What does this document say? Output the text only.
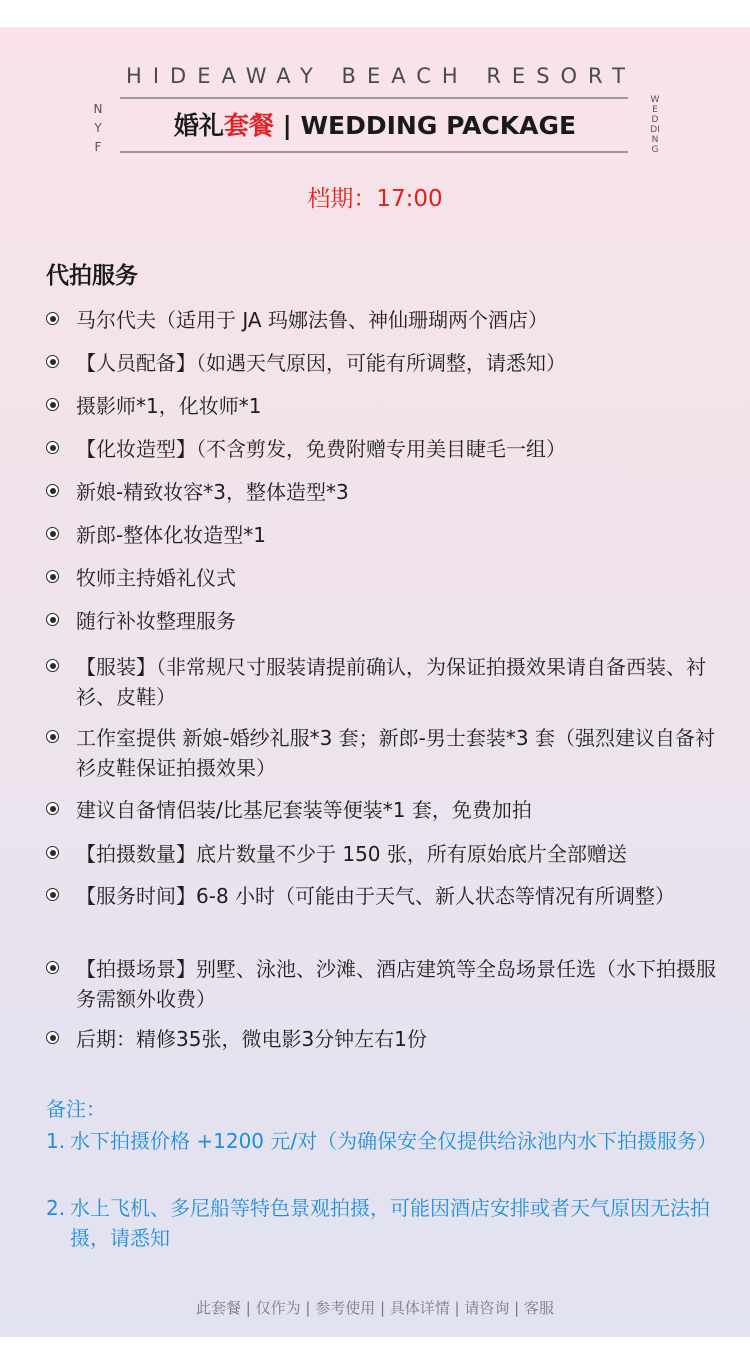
HIDEAWAY BEACH RESORT
NYF
WEDDING
婚礼套餐 | WEDDING PACKAGE
档期：17:00
代拍服务
马尔代夫（适用于 JA 玛娜法鲁、神仙珊瑚两个酒店）
【人员配备】（如遇天气原因，可能有所调整，请悉知）
摄影师*1，化妆师*1
【化妆造型】（不含剪发，免费附赠专用美目睫毛一组）
新娘-精致妆容*3，整体造型*3
新郎-整体化妆造型*1
牧师主持婚礼仪式
随行补妆整理服务
【服装】（非常规尺寸服装请提前确认，为保证拍摄效果请自备西装、衬衫、皮鞋）
工作室提供 新娘-婚纱礼服*3 套；新郎-男士套装*3 套（强烈建议自备衬衫皮鞋保证拍摄效果）
建议自备情侣装/比基尼套装等便装*1 套，免费加拍
【拍摄数量】底片数量不少于 150 张，所有原始底片全部赠送
【服务时间】6-8 小时（可能由于天气、新人状态等情况有所调整）
【拍摄场景】别墅、泳池、沙滩、酒店建筑等全岛场景任选（水下拍摄服务需额外收费）
后期：精修35张，微电影3分钟左右1份
备注：
1. 水下拍摄价格 +1200 元/对（为确保安全仅提供给泳池内水下拍摄服务）
2. 水上飞机、多尼船等特色景观拍摄，可能因酒店安排或者天气原因无法拍摄，请悉知
此套餐 | 仅作为 | 参考使用 | 具体详情 | 请咨询 | 客服
